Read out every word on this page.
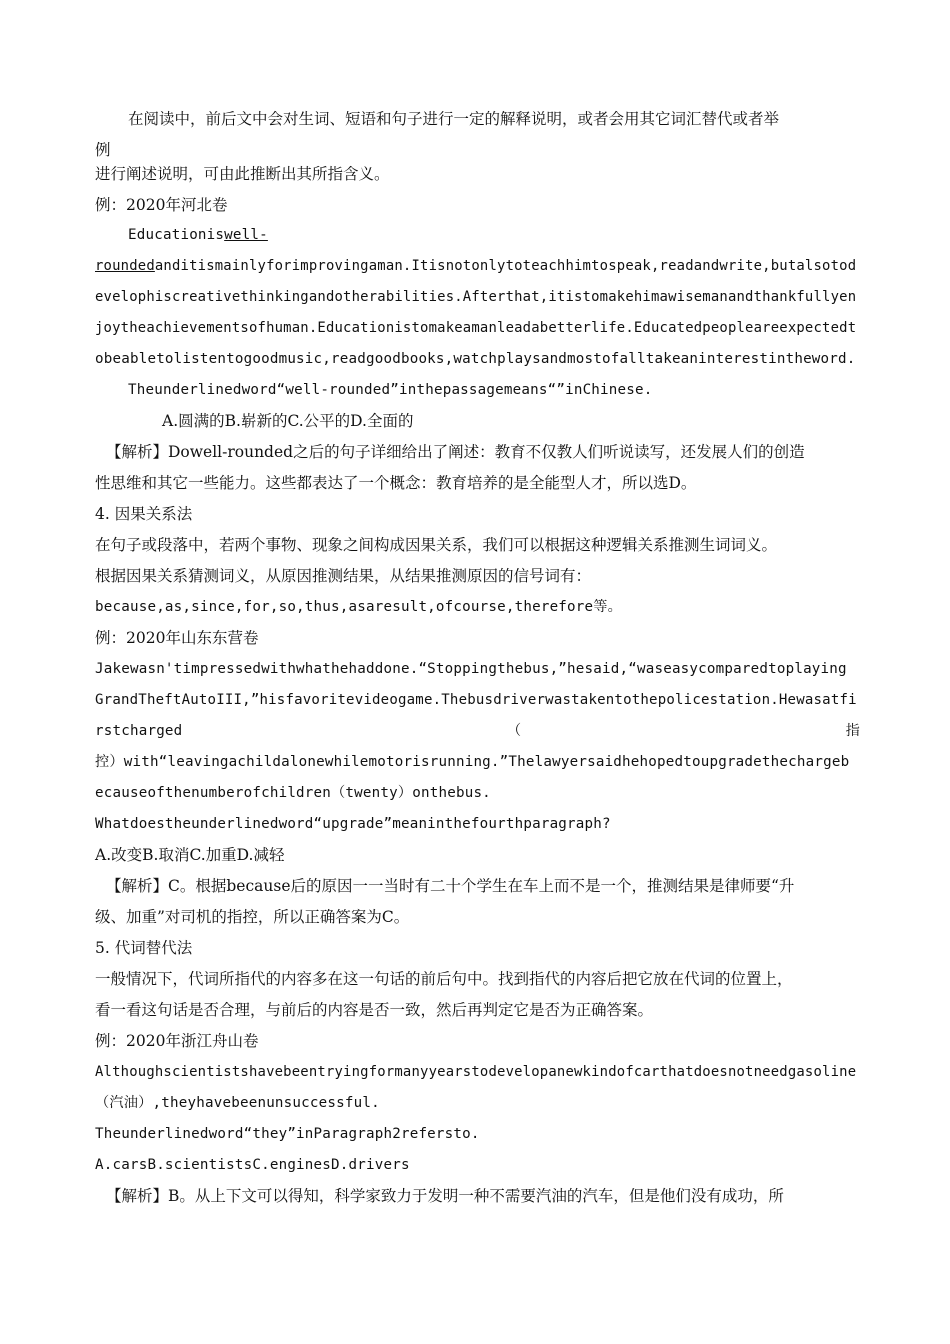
在阅读中，前后文中会对生词、短语和句子进行一定的解释说明，或者会用其它词汇替代或者举
例
进行阐述说明，可由此推断出其所指含义。
例：2020年河北卷
Educationiswell-
roundedanditismainlyforimprovingaman.Itisnotonlytoteachhimtospeak,readandwrite,butalsotod
evelophiscreativethinkingandotherabilities.Afterthat,itistomakehimawisemanandthankfullyen
joytheachievementsofhuman.Educationistomakeamanleadabetterlife.Educatedpeopleareexpectedt
obeabletolistentogoodmusic,readgoodbooks,watchplaysandmostofalltakeaninterestintheword.
Theunderlinedword“well-rounded”inthepassagemeans“”inChinese.
A.圆满的B.崭新的C.公平的D.全面的
【解析】Dowell-rounded之后的句子详细给出了阐述：教育不仅教人们听说读写，还发展人们的创造
性思维和其它一些能力。这些都表达了一个概念：教育培养的是全能型人才，所以选D。
4. 因果关系法
在句子或段落中，若两个事物、现象之间构成因果关系，我们可以根据这种逻辑关系推测生词词义。
根据因果关系猜测词义，从原因推测结果，从结果推测原因的信号词有：
because,as,since,for,so,thus,asaresult,ofcourse,therefore等。
例：2020年山东东营卷
Jakewasn'timpressedwithwhathehaddone.“Stoppingthebus,”hesaid,“waseasycomparedtoplaying
GrandTheftAutoIII,”hisfavoritevideogame.Thebusdriverwastakentothepolicestation.Hewasatfi
rstcharged	（	指
控）with“leavingachildalonewhilemotorisrunning.”Thelawyersaidhehopedtoupgradethechargeb
ecauseofthenumberofchildren（twenty）onthebus.
Whatdoestheunderlinedword“upgrade”meaninthefourthparagraph?
A.改变B.取消C.加重D.减轻
【解析】C。根据because后的原因一一当时有二十个学生在车上而不是一个，推测结果是律师要“升
级、加重”对司机的指控，所以正确答案为C。
5. 代词替代法
一般情况下，代词所指代的内容多在这一句话的前后句中。找到指代的内容后把它放在代词的位置上，
看一看这句话是否合理，与前后的内容是否一致，然后再判定它是否为正确答案。
例：2020年浙江舟山卷
Althoughscientistshavebeentryingformanyyearstodevelopanewkindofcarthatdoesnotneedgasoline
（汽油）,theyhavebeenunsuccessful.
Theunderlinedword“they”inParagraph2refersto.
A.carsB.scientistsC.enginesD.drivers
【解析】B。从上下文可以得知，科学家致力于发明一种不需要汽油的汽车，但是他们没有成功，所
